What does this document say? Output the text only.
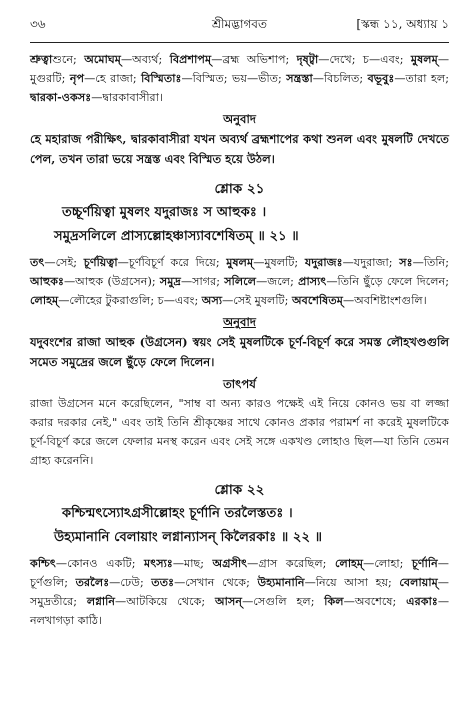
৩৬	শ্রীমদ্ভাগবত	[স্কন্ধ ১১, অধ্যায় ১

শ্রুত্বাশুনে; অমোঘম্—অব্যর্থ; বিপ্রশাপম্—ব্রহ্ম অভিশাপ; দৃষ্ট্বা—দেখে; চ—এবং; মুষলম্—মুগুরটি; নৃপ—হে রাজা; বিস্মিতাঃ—বিস্মিত; ভয়—ভীত; সন্ত্রস্তা—বিচলিত; বভূবুঃ—তারা হল; দ্বারকা-ওকসঃ—দ্বারকাবাসীরা।

অনুবাদ

হে মহারাজ পরীক্ষিৎ, দ্বারকাবাসীরা যখন অব্যর্থ ব্রহ্মশাপের কথা শুনল এবং মুষলটি দেখতে পেল, তখন তারা ভয়ে সন্ত্রস্ত এবং বিস্মিত হয়ে উঠল।

শ্লোক ২১

তচ্চূর্ণয়িত্বা মুষলং যদুরাজঃ স আহুকঃ ।

সমুদ্রসলিলে প্রাস্যল্লোহঞ্চাস্যাবশেষিতম্ ॥ ২১ ॥

তৎ—সেই; চূর্ণয়িত্বা—চূর্ণবিচূর্ণ করে দিয়ে; মুষলম্—মুষলটি; যদুরাজঃ—যদুরাজা; সঃ—তিনি; আহুকঃ—আহুক (উগ্রসেন); সমুদ্র—সাগর; সলিলে—জলে; প্রাস্যৎ—তিনি ছুঁড়ে ফেলে দিলেন; লোহম্—লৌহের টুকরাগুলি; চ—এবং; অস্য—সেই মুষলটি; অবশেষিতম্—অবশিষ্টাংশগুলি।

অনুবাদ

যদুবংশের রাজা আহুক (উগ্রসেন) স্বয়ং সেই মুষলটিকে চূর্ণ-বিচূর্ণ করে সমস্ত লৌহখণ্ডগুলি সমেত সমুদ্রের জলে ছুঁড়ে ফেলে দিলেন।

তাৎপর্য

রাজা উগ্রসেন মনে করেছিলেন, "সাম্ব বা অন্য কারও পক্ষেই এই নিয়ে কোনও ভয় বা লজ্জা করার দরকার নেই," এবং তাই তিনি শ্রীকৃষ্ণের সাথে কোনও প্রকার পরামর্শ না করেই মুষলটিকে চূর্ণ-বিচূর্ণ করে জলে ফেলার মনস্থ করেন এবং সেই সঙ্গে একখণ্ড লোহাও ছিল—যা তিনি তেমন গ্রাহ্য করেননি।

শ্লোক ২২

কশ্চিন্মৎস্যোঽগ্রসীল্লোহং চূর্ণানি তরলৈস্ততঃ ।

উহ্যমানানি বেলায়াং লগ্নান্যাসন্ কিলৈরকাঃ ॥ ২২ ॥

কশ্চিৎ—কোনও একটি; মৎস্যঃ—মাছ; অগ্রসীৎ—গ্রাস করেছিল; লোহম্—লোহা; চূর্ণানি—চূর্ণগুলি; তরলৈঃ—ঢেউ; ততঃ—সেখান থেকে; উহ্যমানানি—নিয়ে আসা হয়; বেলায়াম্—সমুদ্রতীরে; লগ্নানি—আটকিয়ে থেকে; আসন্—সেগুলি হল; কিল—অবশেষে; এরকাঃ—নলখাগড়া কাঠি।
